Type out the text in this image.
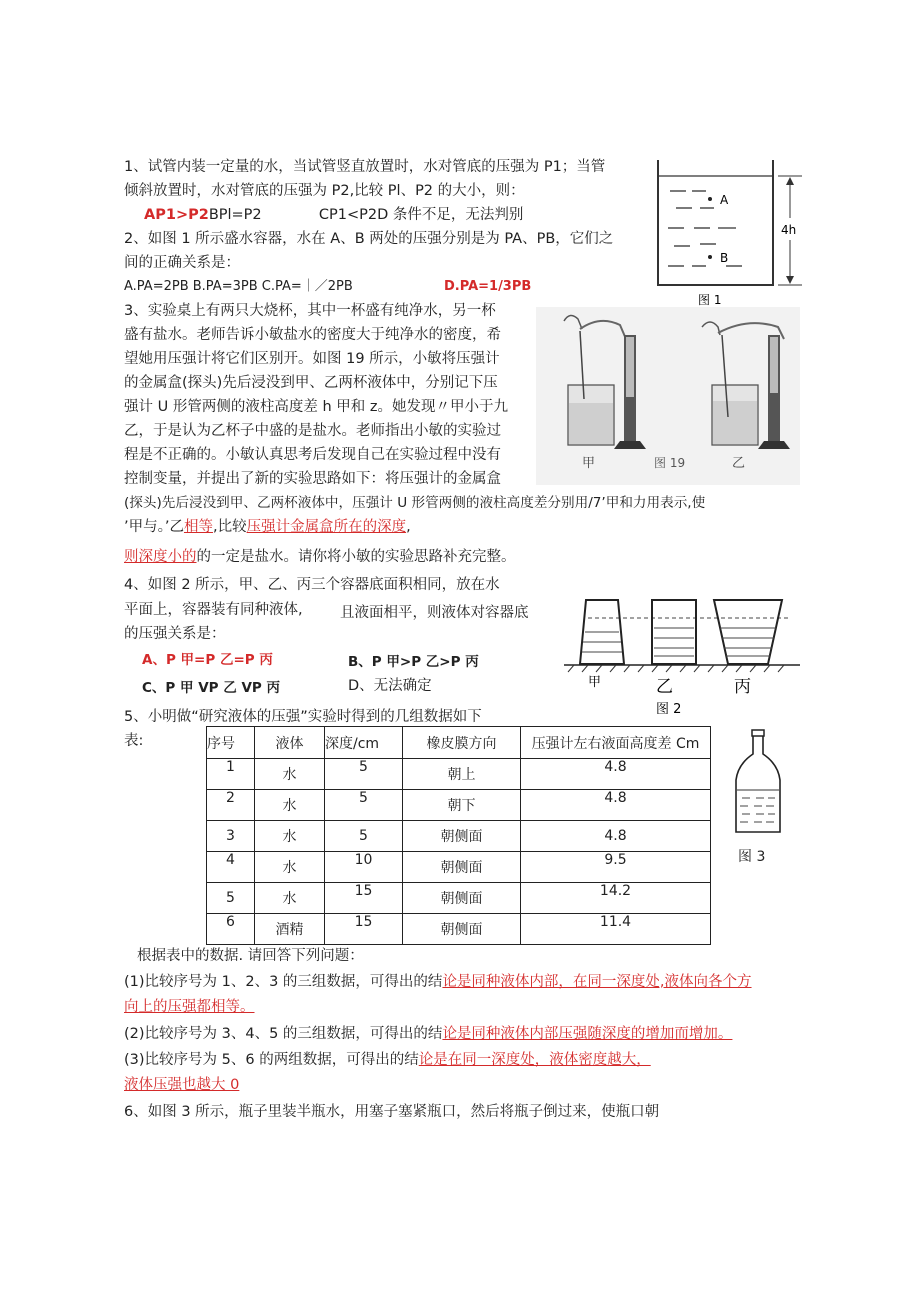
1、试管内装一定量的水，当试管竖直放置时，水对管底的压强为 P1；当管
倾斜放置时，水对管底的压强为 P2,比较 Pl、P2 的大小，则：
AP1>P2BPl=P2	CP1<P2D 条件不足，无法判别
2、如图 1 所示盛水容器，水在 A、B 两处的压强分别是为 PA、PB，它们之
间的正确关系是：
A.PA=2PB B.PA=3PB C.PA=｜／2PB	D.PA=1/3PB
A
B
4h
图 1
3、实验桌上有两只大烧杯，其中一杯盛有纯净水，另一杯
盛有盐水。老师告诉小敏盐水的密度大于纯净水的密度，希
望她用压强计将它们区别开。如图 19 所示，小敏将压强计
的金属盒(探头)先后浸没到甲、乙两杯液体中，分别记下压
强计 U 形管两侧的液柱高度差 h 甲和 z。她发现〃甲小于九
乙，于是认为乙杯子中盛的是盐水。老师指出小敏的实验过
程是不正确的。小敏认真思考后发现自己在实验过程中没有
控制变量，并提出了新的实验思路如下：将压强计的金属盒
(探头)先后浸没到甲、乙两杯液体中，压强计 U 形管两侧的液柱高度差分别用/7’甲和力用表示,使
’甲与。’乙相等,比较压强计金属盒所在的深度,
则深度小的的一定是盐水。请你将小敏的实验思路补充完整。
甲	图 19	乙
4、如图 2 所示，甲、乙、丙三个容器底面积相同，放在水
平面上，容器装有同种液体,	且液面相平，则液体对容器底
的压强关系是：
A、P 甲=P 乙=P 丙	B、P 甲>P 乙>P 丙
C、P 甲 VP 乙 VP 丙	D、无法确定	甲	乙	丙
图 2
5、小明做“研究液体的压强”实验时得到的几组数据如下
表:	序号	液体	深度/cm	橡皮膜方向	压强计左右液面高度差 Cm
1	水	5	朝上	4.8
2	水	5	朝下	4.8
3	水	5	朝侧面	4.8
4	水	10	朝侧面	9.5
5	水	15	朝侧面	14.2
6	酒精	15	朝侧面	11.4
图 3
根据表中的数据. 请回答下列问题：
(1)比较序号为 1、2、3 的三组数据，可得出的结论是同种液体内部，在同一深度处,液体向各个方
向上的压强都相等。
(2)比较序号为 3、4、5 的三组数据，可得出的结论是同种液体内部压强随深度的增加而增加。
(3)比较序号为 5、6 的两组数据，可得出的结论是在同一深度处，液体密度越大，
液体压强也越大 0
6、如图 3 所示，瓶子里装半瓶水，用塞子塞紧瓶口，然后将瓶子倒过来，使瓶口朝
